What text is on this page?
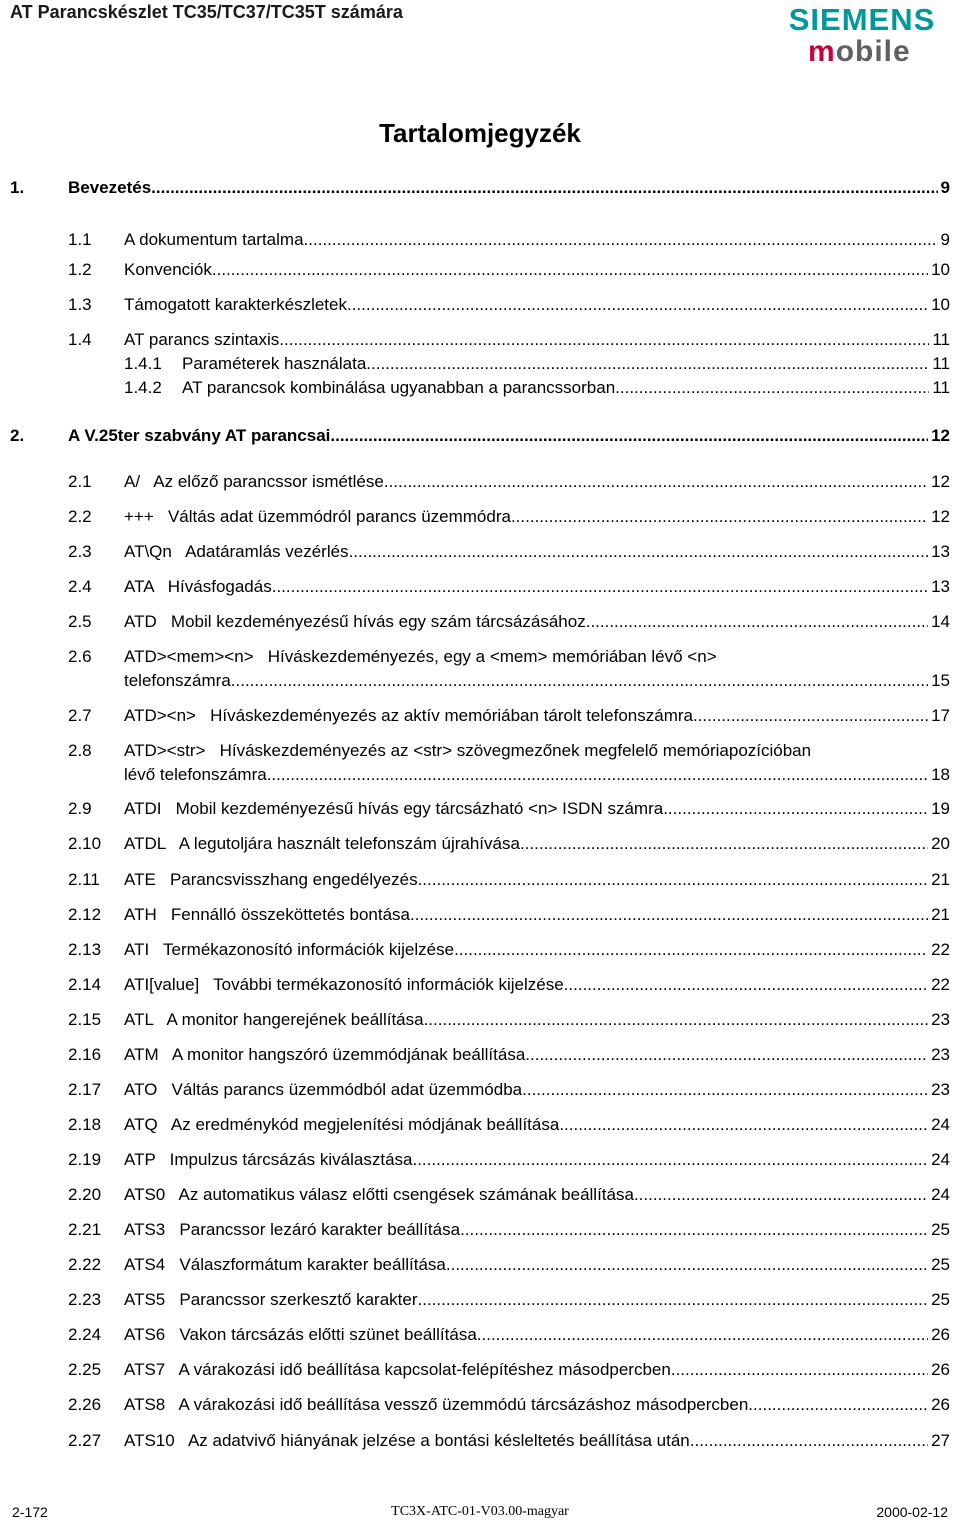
AT Parancskészlet TC35/TC37/TC35T számára	SIEMENS
mobile
Tartalomjegyzék
1.	Bevezetés .....	9
1.1 A dokumentum tartalma .....	9
1.2 Konvenciók .....	10
1.3 Támogatott karakterkészletek .....	10
1.4 AT parancs szintaxis .....	11
1.4.1 Paraméterek használata .....	11
1.4.2 AT parancsok kombinálása ugyanabban a parancssorban .....	11
2.	A V.25ter szabvány AT parancsai .....	12
2.1 A/   Az előző parancssor ismétlése .....	12
2.2 +++   Váltás adat üzemmódról parancs üzemmódra .....	12
2.3 AT\Qn   Adatáramlás vezérlés .....	13
2.4 ATA   Hívásfogadás .....	13
2.5 ATD   Mobil kezdeményezésű hívás egy szám tárcsázásához .....	14
2.6 ATD><mem><n>   Híváskezdeményezés, egy a <mem> memóriában lévő <n>
telefonszámra .....	15
2.7 ATD><n>   Híváskezdeményezés az aktív memóriában tárolt telefonszámra .....	17
2.8 ATD><str>   Híváskezdeményezés az <str> szövegmezőnek megfelelő memóriapozícióban
lévő telefonszámra .....	18
2.9 ATDI   Mobil kezdeményezésű hívás egy tárcsázható <n> ISDN számra .....	19
2.10 ATDL   A legutoljára használt telefonszám újrahívása .....	20
2.11 ATE   Parancsvisszhang engedélyezés .....	21
2.12 ATH   Fennálló összeköttetés bontása .....	21
2.13 ATI   Termékazonosító információk kijelzése .....	22
2.14 ATI[value]   További termékazonosító információk kijelzése .....	22
2.15 ATL   A monitor hangerejének beállítása .....	23
2.16 ATM   A monitor hangszóró üzemmódjának beállítása .....	23
2.17 ATO   Váltás parancs üzemmódból adat üzemmódba .....	23
2.18 ATQ   Az eredménykód megjelenítési módjának beállítása .....	24
2.19 ATP   Impulzus tárcsázás kiválasztása .....	24
2.20 ATS0   Az automatikus válasz előtti csengések számának beállítása .....	24
2.21 ATS3   Parancssor lezáró karakter beállítása .....	25
2.22 ATS4   Válaszformátum karakter beállítása .....	25
2.23 ATS5   Parancssor szerkesztő karakter .....	25
2.24 ATS6   Vakon tárcsázás előtti szünet beállítása .....	26
2.25 ATS7   A várakozási idő beállítása kapcsolat-felépítéshez másodpercben .....	26
2.26 ATS8   A várakozási idő beállítása vessző üzemmódú tárcsázáshoz másodpercben .....	26
2.27 ATS10   Az adatvivő hiányának jelzése a bontási késleltetés beállítása után .....	27
2-172	TC3X-ATC-01-V03.00-magyar	2000-02-12
